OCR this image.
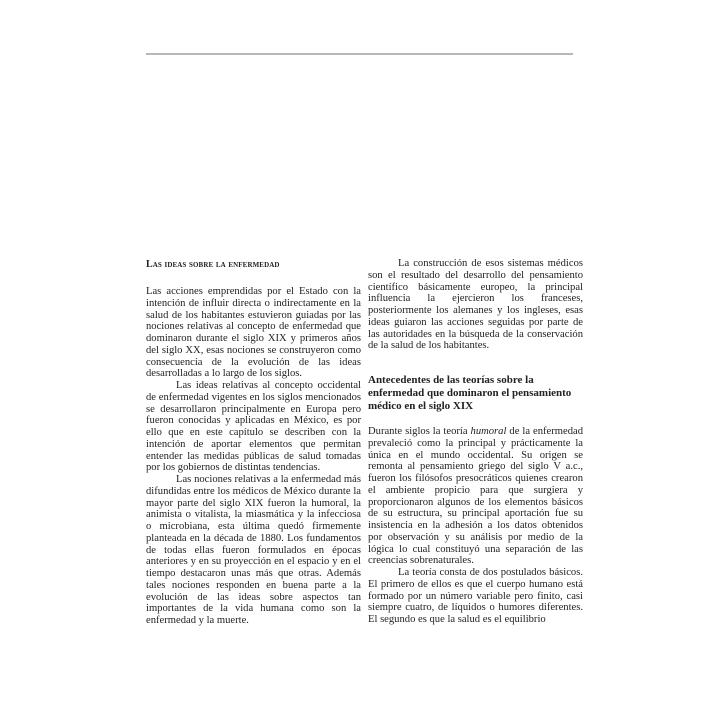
Las ideas sobre la enfermedad

Las acciones emprendidas por el Estado con la intención de influir directa o indirectamente en la salud de los habitantes estuvieron guiadas por las nociones relativas al concepto de enfermedad que dominaron durante el siglo XIX y primeros años del siglo XX, esas nociones se construyeron como consecuencia de la evolución de las ideas desarrolladas a lo largo de los siglos.

Las ideas relativas al concepto occidental de enfermedad vigentes en los siglos mencionados se desarrollaron principalmente en Europa pero fueron conocidas y aplicadas en México, es por ello que en este capítulo se describen con la intención de aportar elementos que permitan entender las medidas públicas de salud tomadas por los gobiernos de distintas tendencias.

Las nociones relativas a la enfermedad más difundidas entre los médicos de México durante la mayor parte del siglo XIX fueron la humoral, la animista o vitalista, la miasmática y la infecciosa o microbiana, esta última quedó firmemente planteada en la década de 1880. Los fundamentos de todas ellas fueron formulados en épocas anteriores y en su proyección en el espacio y en el tiempo destacaron unas más que otras. Además tales nociones responden en buena parte a la evolución de las ideas sobre aspectos tan importantes de la vida humana como son la enfermedad y la muerte.

La construcción de esos sistemas médicos son el resultado del desarrollo del pensamiento científico básicamente europeo, la principal influencia la ejercieron los franceses, posteriormente los alemanes y los ingleses, esas ideas guiaron las acciones seguidas por parte de las autoridades en la búsqueda de la conservación de la salud de los habitantes.

Antecedentes de las teorías sobre la enfermedad que dominaron el pensamiento médico en el siglo XIX

Durante siglos la teoría humoral de la enfermedad prevaleció como la principal y prácticamente la única en el mundo occidental. Su origen se remonta al pensamiento griego del siglo V a.c., fueron los filósofos presocráticos quienes crearon el ambiente propicio para que surgiera y proporcionaron algunos de los elementos básicos de su estructura, su principal aportación fue su insistencia en la adhesión a los datos obtenidos por observación y su análisis por medio de la lógica lo cual constituyó una separación de las creencias sobrenaturales.

La teoría consta de dos postulados básicos. El primero de ellos es que el cuerpo humano está formado por un número variable pero finito, casi siempre cuatro, de líquidos o humores diferentes. El segundo es que la salud es el equilibrio
